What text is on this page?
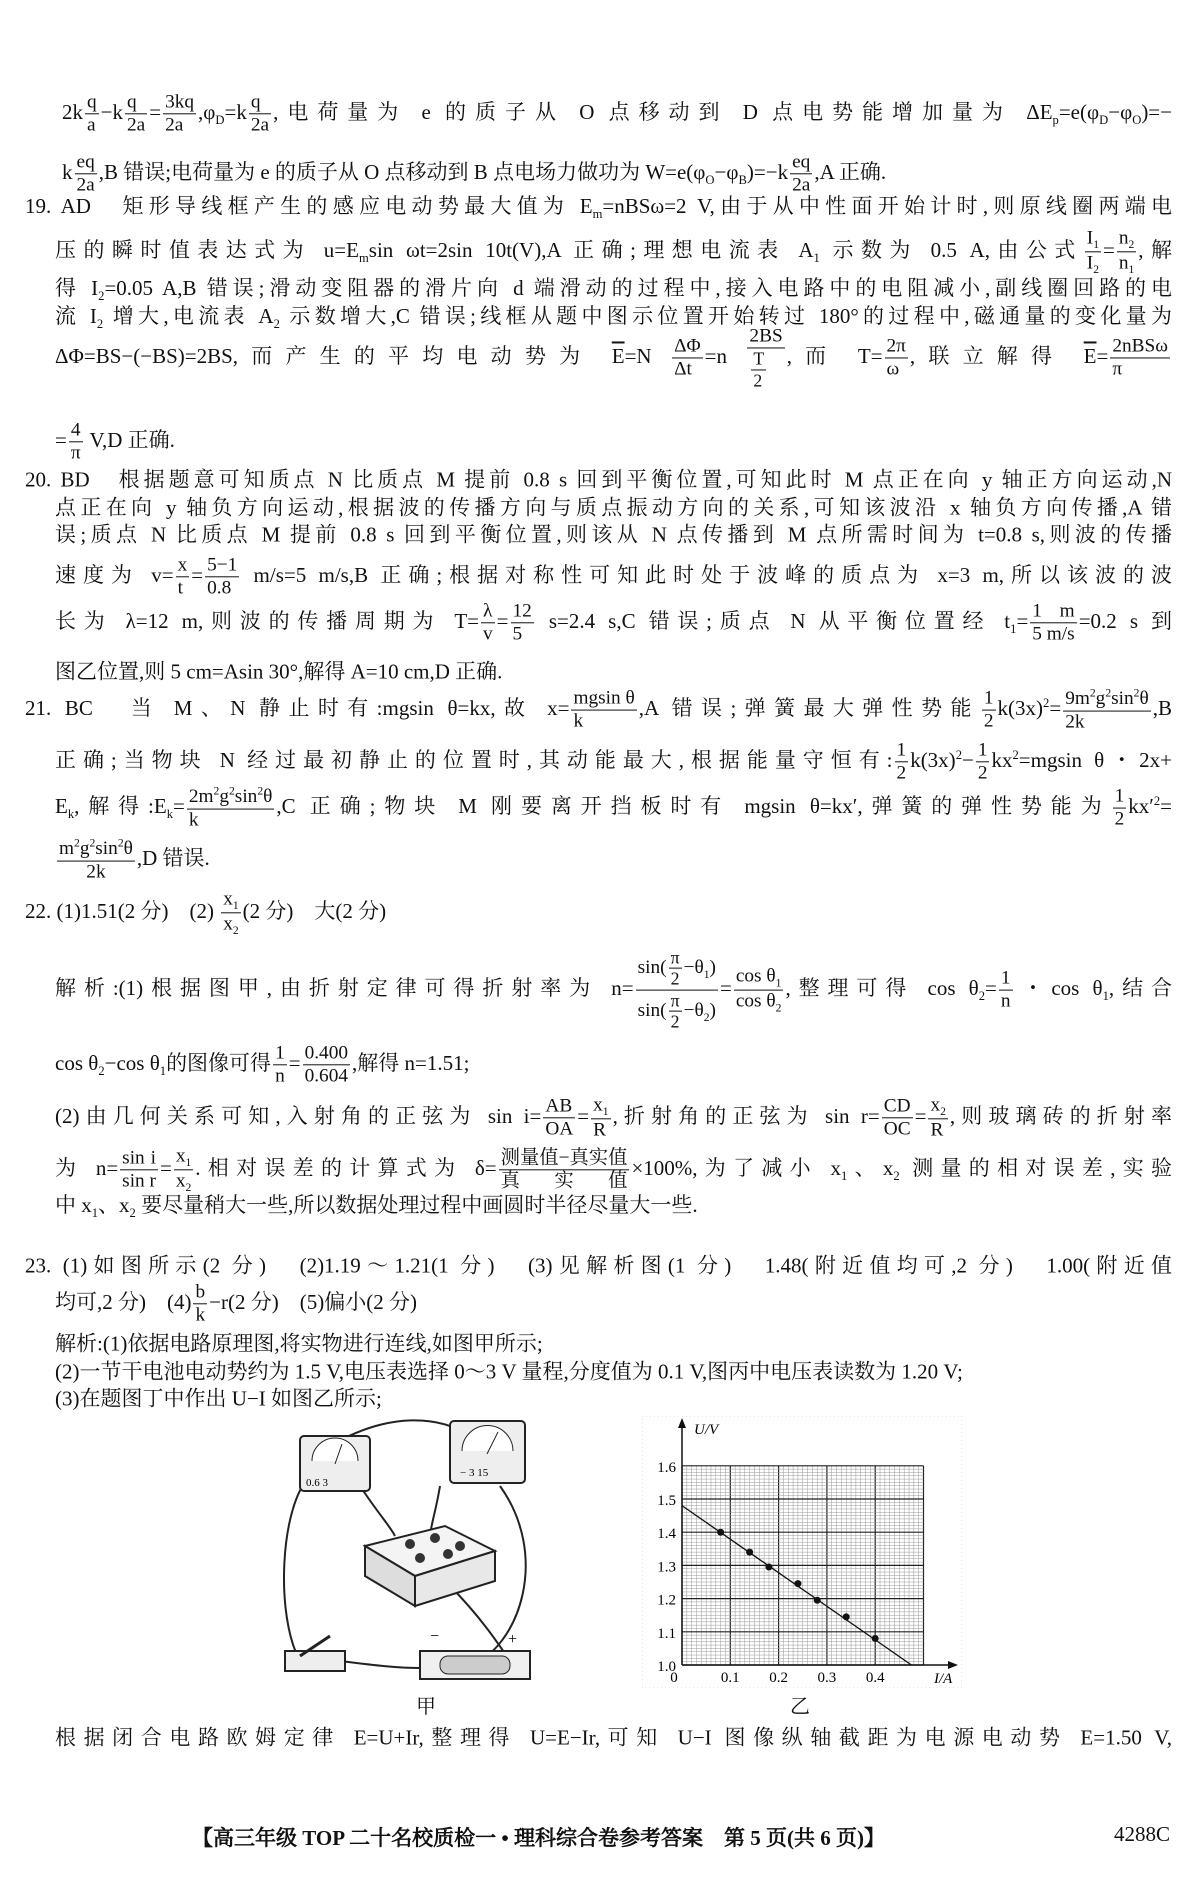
$2k \frac{q}{a} -k \frac{q}{2a} = \frac{3kq}{2a} ,\varphi_D=k \frac{q}{2a}$ ,电荷量为 e 的质子从 O 点移动到 D 点电势能增加量为 $\Delta E_p=e(\varphi_D-\varphi_O)=-$
k $\frac{eq}{2a} ,B$ 错误;电荷量为 e 的质子从 O 点移动到 B 点电场力做功为 $W=e(\varphi_O-\varphi_B)=-k \frac{eq}{2a} ,A$ 正确.
19. AD　矩形导线框产生的感应电动势最大值为 $E_m=nBS\omega=2$ V,由于从中性面开始计时,则原线圈两端电
压的瞬时值表达式为 $u=E_m\sin$ ωt=2sin 10t(V),A 正确;理想电流表 $A_1$ 示数为 0.5 A,由公式 $\frac{I_1}{I_2} = \frac{n_2}{n_1}$ ,解
得 $I_2=0.05$ A,B 错误;滑动变阻器的滑片向 d 端滑动的过程中,接入电路中的电阻减小,副线圈回路的电
流 $I_2$ 增大,电流表 $A_2$ 示数增大,C 错误;线框从题中图示位置开始转过 180°的过程中,磁通量的变化量为
ΔΦ=BS−(−BS)=2BS,而产生的平均电动势为 $\overline{E}=N \frac{\Delta\Phi}{\Delta t} =n \frac{2BS}{\frac{T}{2}}$ ,而 $T= \frac{2\pi}{\omega}$ ,联立解得 $\overline{E}= \frac{\text{2nBSω}}{\pi}$
= $\frac{4}{\pi} V,D$ 正确.
20. BD　根据题意可知质点 N 比质点 M 提前 0.8 s 回到平衡位置,可知此时 M 点正在向 y 轴正方向运动,N
点正在向 y 轴负方向运动,根据波的传播方向与质点振动方向的关系,可知该波沿 x 轴负方向传播,A 错
误;质点 N 比质点 M 提前 0.8 s 回到平衡位置,则该从 N 点传播到 M 点所需时间为 t=0.8 s,则波的传播
速度为 $v= \frac{x}{t} = \frac{5-1}{0.8} m/s=5$ m/s,B 正确;根据对称性可知此时处于波峰的质点为 x=3 m,所以该波的波
长为 λ=12 m,则波的传播周期为 $T= \frac{\lambda}{v} = \frac{12}{5} s=2.4$ s,C 错误;质点 N 从平衡位置经 $t_1= \frac{1 m}{5 m/s} =0.2$ s 到
图乙位置,则 5 cm=Asin 30°,解得 A=10 cm,D 正确.
21. BC　当 M、N 静止时有:mgsin θ=kx,故 $x= \frac{\text{mgsin θ}}{k} ,A$ 错误;弹簧最大弹性势能 $\frac{1}{2} k(3x)^2= \frac{9m^2g^2\sin^2\theta}{2k} ,B$
正确;当物块 N 经过最初静止的位置时,其动能最大,根据能量守恒有: $\frac{1}{2} k(3x)^2- \frac{1}{2} kx^2=mgsin$ θ・2x+
$E_k$,解得$:E_k= \frac{2m^2g^2\sin^2\theta}{k} ,C$ 正确;物块 M 刚要离开挡板时有 mgsin θ=kx′,弹簧的弹性势能为 $\frac{1}{2} kx'^2=$
$\frac{m^2g^2\sin^2\theta}{2k} ,D$ 错误.
22. (1)1.51(2 分)　$(2) \frac{x_1}{x_2} (2$ 分)　大(2 分)
解析:(1)根据图甲,由折射定律可得折射率为 $n= \frac{\sin( \frac{\pi}{2} -\theta_1)}{\sin( \frac{\pi}{2} -\theta_2)} = \frac{\cos \theta_1}{\cos \theta_2}$ ,整理可得 $\cos \theta_2= \frac{1}{n}$ ・$\cos \theta_1$,结合
$\cos \theta_2-\cos$ $\theta_1$的图像可得 $\frac{1}{n} = \frac{0.400}{0.604}$ ,解得 n=1.51;
(2)由几何关系可知,入射角的正弦为 $\sin i= \frac{AB}{OA} = \frac{x_1}{R}$ ,折射角的正弦为 $\sin r= \frac{CD}{OC} = \frac{x_2}{R}$ ,则玻璃砖的折射率
为 $n= \frac{\text{sin i}}{\text{sin r}} = \frac{x_1}{x_2}$ .相对误差的计算式为 $\delta= \frac{\text{测量值−真实值}}{\text{真实值}} \times 100\%$,为了减小 $x_1$、$x_2$ 测量的相对误差,实验
中 $x_1$、$x_2$ 要尽量稍大一些,所以数据处理过程中画圆时半径尽量大一些.
23. (1)如图所示(2 分)　(2)1.19～1.21(1 分)　(3)见解析图(1 分)　1.48(附近值均可,2 分)　1.00(附近值
均可,2 分)　$(4) \frac{b}{k} -r(2$ 分)　(5)偏小(2 分)
解析:(1)依据电路原理图,将实物进行连线,如图甲所示;
(2)一节干电池电动势约为 1.5 V,电压表选择 0～3 V 量程,分度值为 0.1 V,图丙中电压表读数为 1.20 V;
(3)在题图丁中作出 U−I 如图乙所示;
根据闭合电路欧姆定律 E=U+Ir,整理得 U=E−Ir,可知 U−I 图像纵轴截距为电源电动势 E=1.50 V,
0.6 3
− 3 15
−	+
甲
1.0
1.1
1.2
1.3
1.4
1.5
1.6
0	0.1 0.2 0.3 0.4
U/V
I/A
乙
【高三年级 TOP 二十名校质检一 • 理科综合卷参考答案　第 5 页(共 6 页)】	4288C
